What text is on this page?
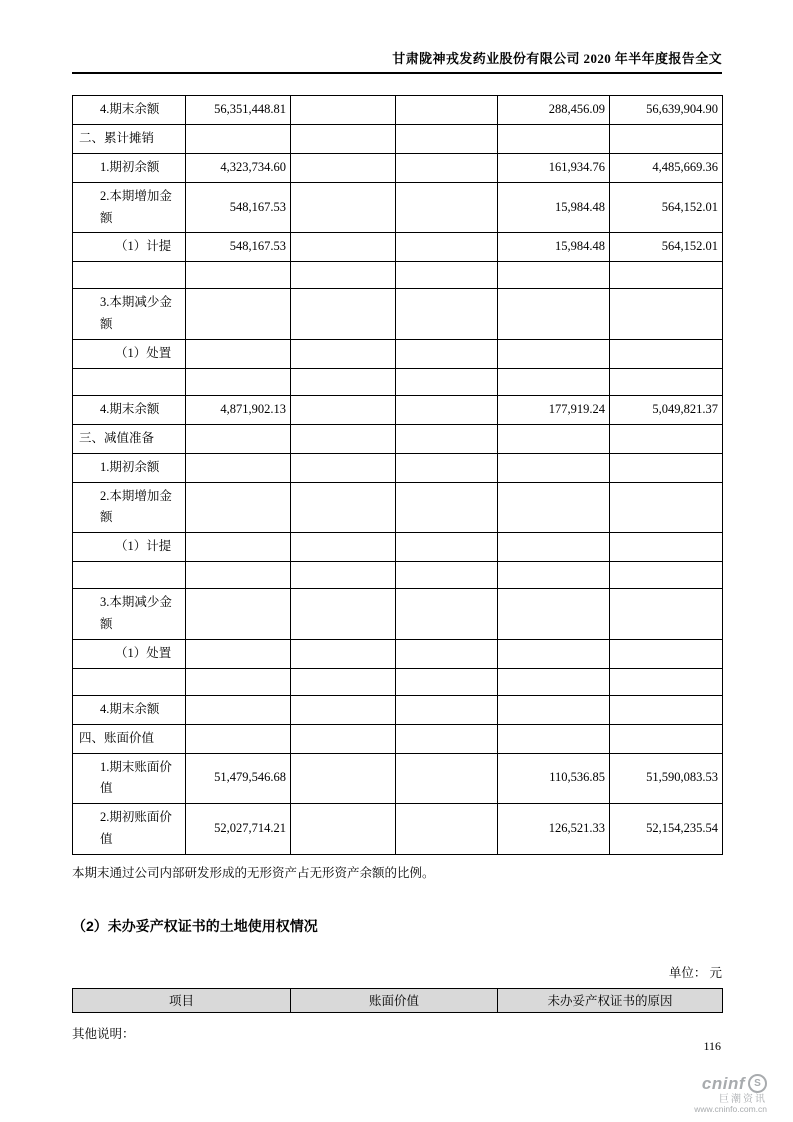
甘肃陇神戎发药业股份有限公司 2020 年半年度报告全文
4.期末余额	56,351,448.81			288,456.09	56,639,904.90
二、累计摊销					
1.期初余额	4,323,734.60			161,934.76	4,485,669.36
2.本期增加金额	548,167.53			15,984.48	564,152.01
（1）计提	548,167.53			15,984.48	564,152.01

3.本期减少金额					
（1）处置					

4.期末余额	4,871,902.13			177,919.24	5,049,821.37
三、减值准备					
1.期初余额					
2.本期增加金额					
（1）计提					

3.本期减少金额					
（1）处置					

4.期末余额					
四、账面价值					
1.期末账面价值	51,479,546.68			110,536.85	51,590,083.53
2.期初账面价值	52,027,714.21			126,521.33	52,154,235.54

本期末通过公司内部研发形成的无形资产占无形资产余额的比例。

（2）未办妥产权证书的土地使用权情况
单位： 元
项目	账面价值	未办妥产权证书的原因

其他说明：

116
cninf S
巨潮资讯
www.cninfo.com.cn
